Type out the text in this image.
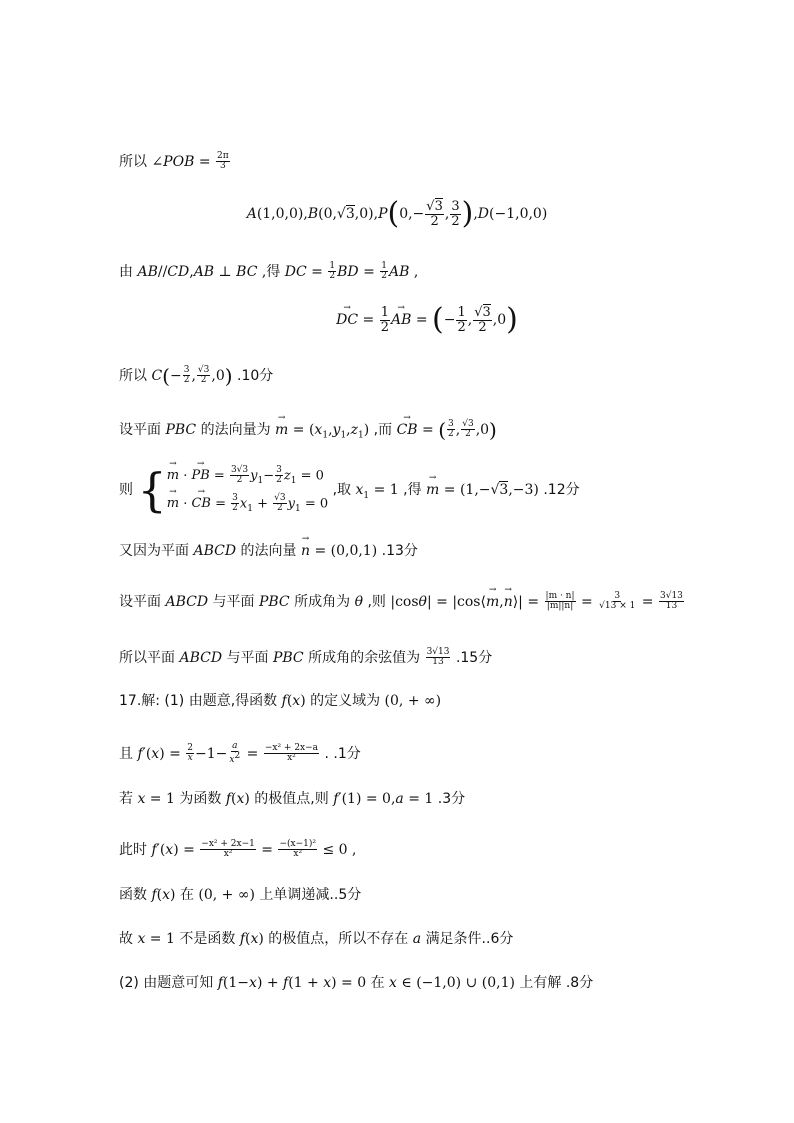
所以 ∠POB = $\frac{2\pi}{3}$
$A(1,0,0),B(0,√3,0),P(0,- \frac{√3}{2}$ , $\frac{3}{2} ),D(-1,0,0)$
由 AB//CD,AB ⊥ BC ,得 DC = $\frac{1}{2}$ BD = $\frac{1}{2}$ AB ,
→ DC = $\frac{1}{2}$ → AB = (− $\frac{1}{2}$ , $\frac{√3}{2} ,0$)
所以 $C(- \frac{3}{2}$ , $\frac{√3}{2} ,0$) .10分
设平面 PBC 的法向量为 → $m = (x_1,y_1,z_1)$ ,而 → CB = ( $\frac{3}{2}$ , $\frac{√3}{2} ,0$)
则 { → m · → PB = $\frac{3√3}{2} y_1- \frac{3}{2} z_1 = 0$
→ m · → CB = $\frac{3}{2} x_1 + \frac{√3}{2} y_1 = 0$
,取 $x_1 = 1$ ,得 → m = (1,−√3,−3) .12分
又因为平面 ABCD 的法向量 → n = (0,0,1) .13分
设平面 ABCD 与平面 PBC 所成角为 θ ,则 |cosθ| = |cos⟨→ m,→ n⟩| = $\frac{|m \cdot n|}{|m||n|} = \frac{3}{√13 \times 1} = \frac{3√13}{13}$
所以平面 ABCD 与平面 PBC 所成角的余弦值为 $\frac{3√13}{13} .15$分
17.解: (1) 由题意,得函数 f(x) 的定义域为 (0, + ∞)
且 $f'(x) = \frac{2}{x} -1- \frac{a}{x2} = \frac{\text{−x² + 2x−a}}{\text{x²}}$ . .1分
若 x = 1 为函数 f(x) 的极值点,则 f′(1) = 0,a = 1 .3分
此时 $f'(x) = \frac{\text{−x² + 2x−1}}{\text{x²}} = \frac{\text{−(x−1)²}}{\text{x²}} \le 0$ ,
函数 f(x) 在 (0, + ∞) 上单调递减..5分
故 x = 1 不是函数 f(x) 的极值点，所以不存在 a 满足条件..6分
(2) 由题意可知 f(1−x) + f(1 + x) = 0 在 x ∈ (−1,0) ∪ (0,1) 上有解 .8分
